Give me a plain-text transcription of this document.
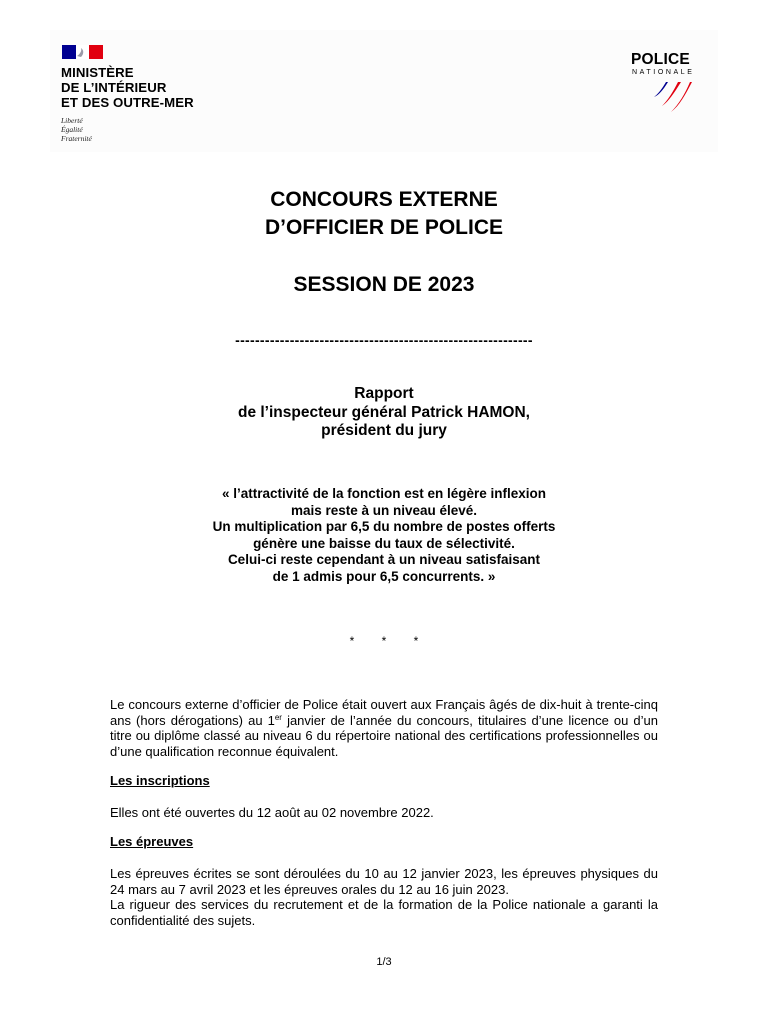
MINISTÈRE
DE L’INTÉRIEUR
ET DES OUTRE-MER
Liberté
Égalité
Fraternité
POLICE
NATIONALE
CONCOURS EXTERNE
D’OFFICIER DE POLICE
SESSION DE 2023
------------------------------------------------------------
Rapport
de l’inspecteur général Patrick HAMON,
président du jury
« l’attractivité de la fonction est en légère inflexion
mais reste à un niveau élevé.
Un multiplication par 6,5 du nombre de postes offerts
génère une baisse du taux de sélectivité.
Celui-ci reste cependant à un niveau satisfaisant
de 1 admis pour 6,5 concurrents. »
* * *

Le concours externe d’officier de Police était ouvert aux Français âgés de dix-huit à trente-cinq ans (hors dérogations) au 1er janvier de l’année du concours, titulaires d’une licence ou d’un titre ou diplôme classé au niveau 6 du répertoire national des certifications professionnelles ou d’une qualification reconnue équivalent.

Les inscriptions

Elles ont été ouvertes du 12 août au 02 novembre 2022.

Les épreuves

Les épreuves écrites se sont déroulées du 10 au 12 janvier 2023, les épreuves physiques du 24 mars au 7 avril 2023 et les épreuves orales du 12 au 16 juin 2023.
La rigueur des services du recrutement et de la formation de la Police nationale a garanti la confidentialité des sujets.

1/3
